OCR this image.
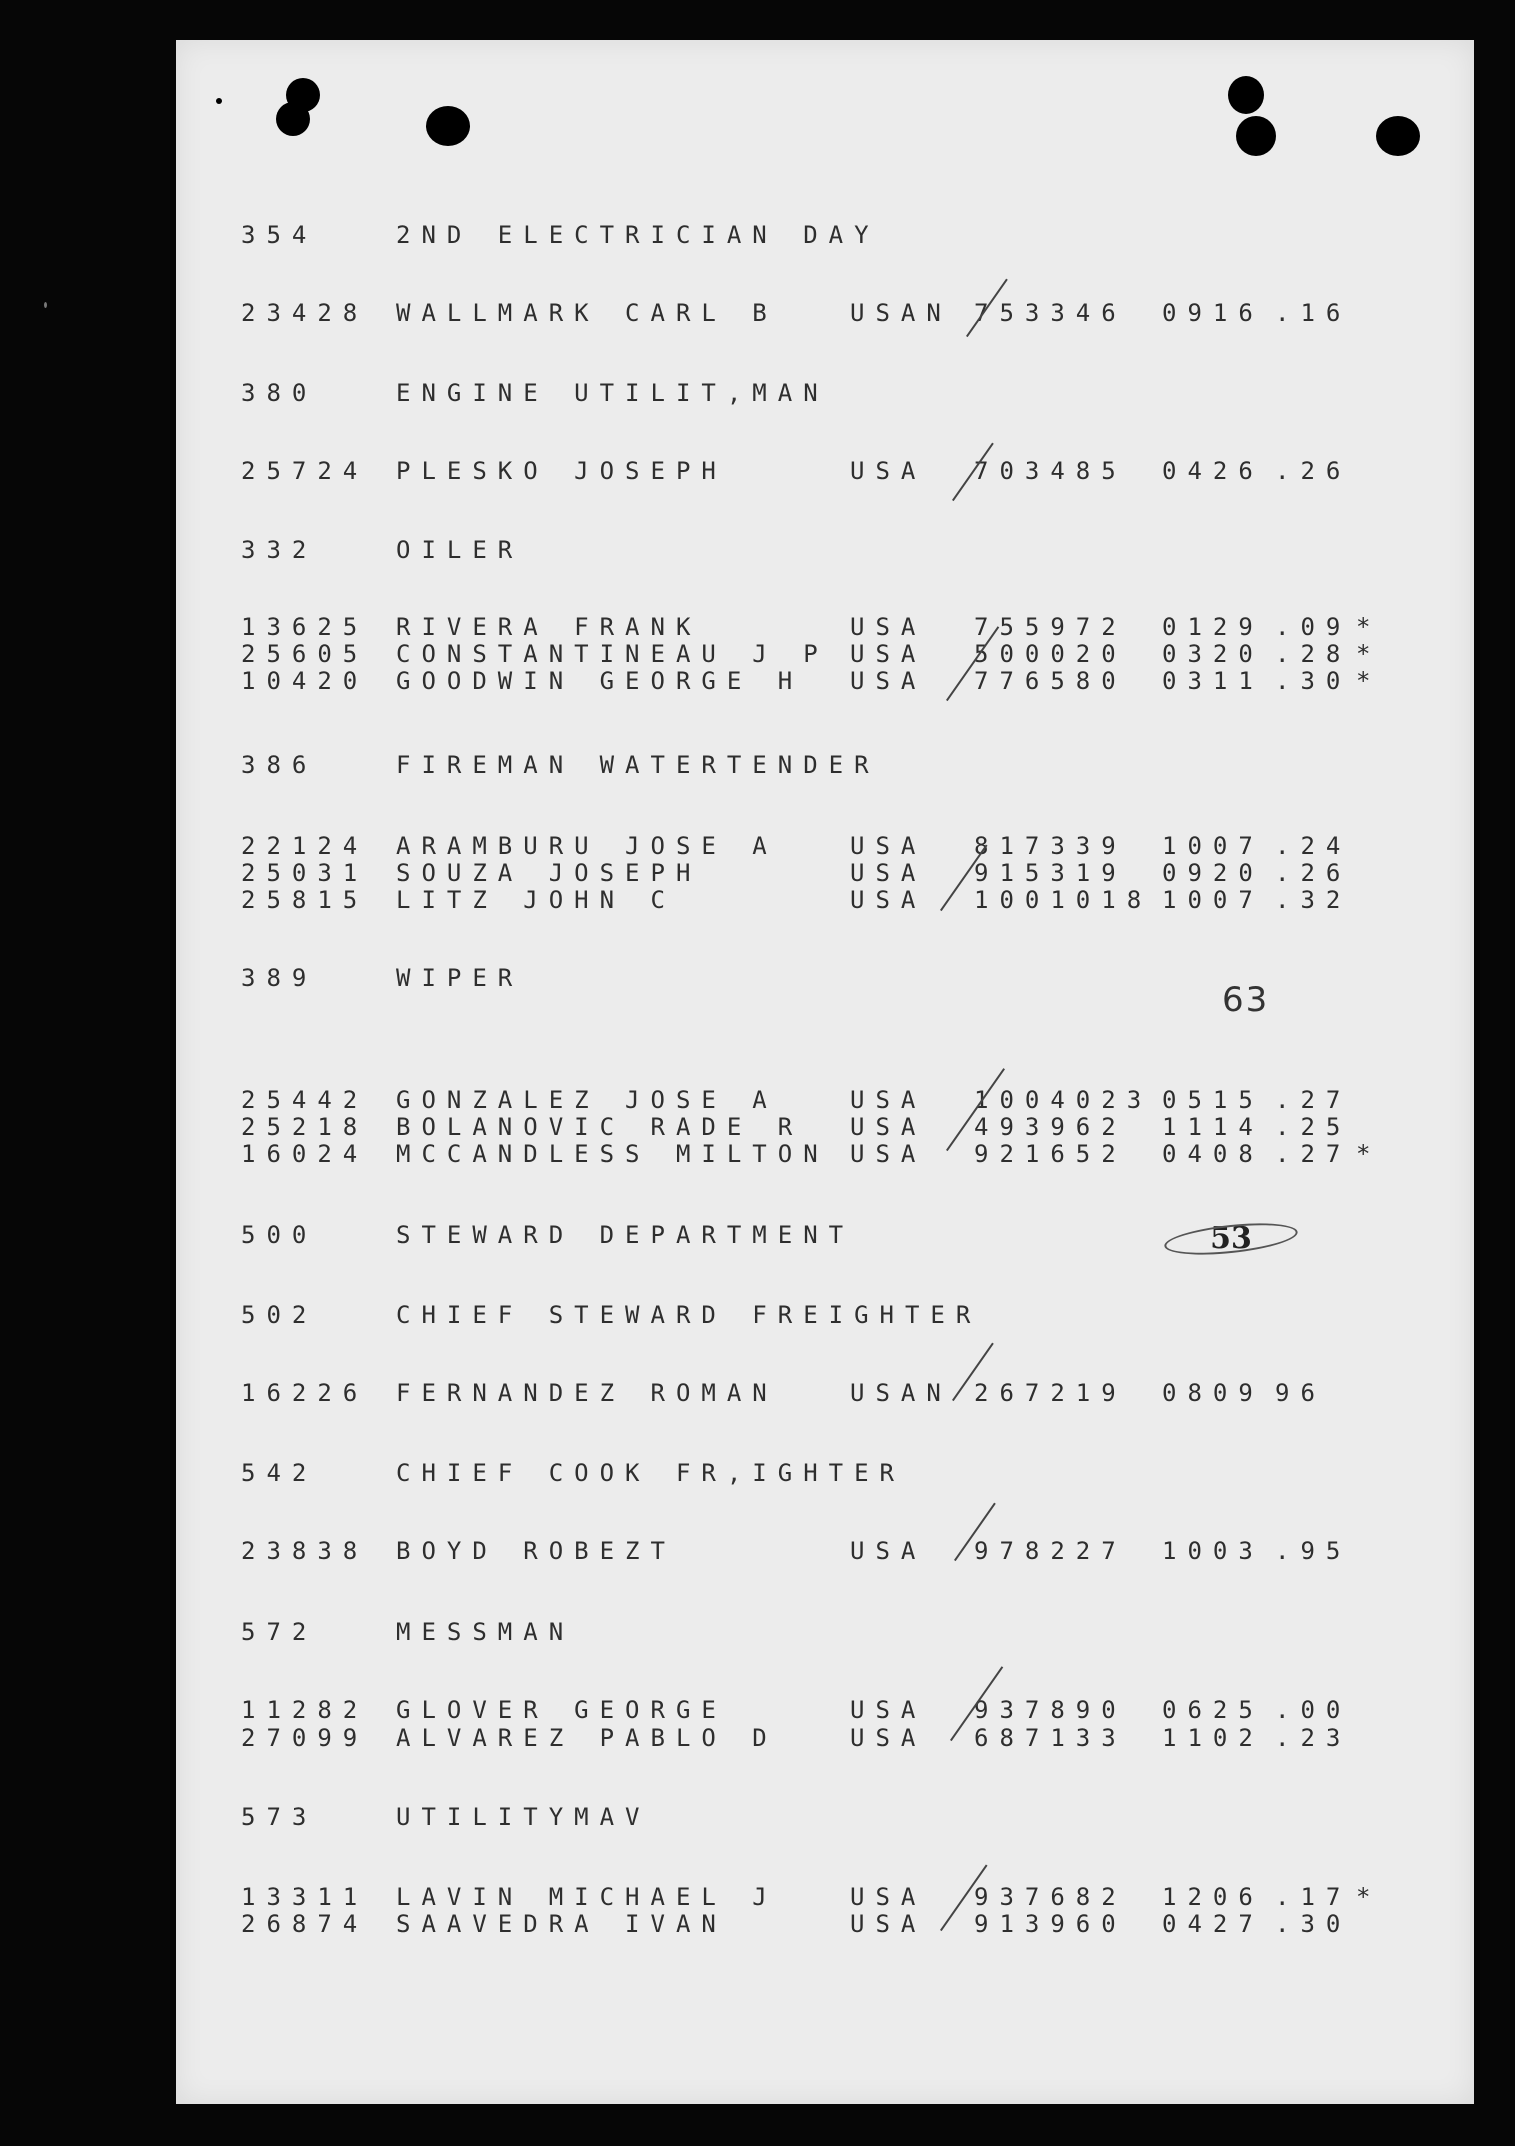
354	2ND ELECTRICIAN DAY
23428 WALLMARK CARL B	USAN 753346 0916 .16
380	ENGINE UTILIT,MAN
25724 PLESKO JOSEPH	USA 703485 0426 .26
332	OILER
13625 RIVERA FRANK	USA 755972 0129 .09 *
25605 CONSTANTINEAU J P USA 500020 0320 .28 *
10420 GOODWIN GEORGE H USA 776580 0311 .30 *
386	FIREMAN WATERTENDER
22124 ARAMBURU JOSE A	USA 817339 1007 .24
25031 SOUZA JOSEPH	USA 915319 0920 .26
25815 LITZ JOHN C	USA 1001018 1007 .32
389	WIPER
63
25442 GONZALEZ JOSE A	USA 1004023 0515 .27
25218 BOLANOVIC RADE R USA 493962 1114 .25
16024 MCCANDLESS MILTON USA 921652 0408 .27 *
500	STEWARD DEPARTMENT	53
502	CHIEF STEWARD FREIGHTER
16226 FERNANDEZ ROMAN	USAN 267219 0809 96
542	CHIEF COOK FR,IGHTER
23838 BOYD ROBEZT	USA 978227 1003 .95
572	MESSMAN
11282 GLOVER GEORGE	USA 937890 0625 .00
27099 ALVAREZ PABLO D	USA 687133 1102 .23
573	UTILITYMAV
13311 LAVIN MICHAEL J	USA 937682 1206 .17 *
26874 SAAVEDRA IVAN	USA 913960 0427 .30
